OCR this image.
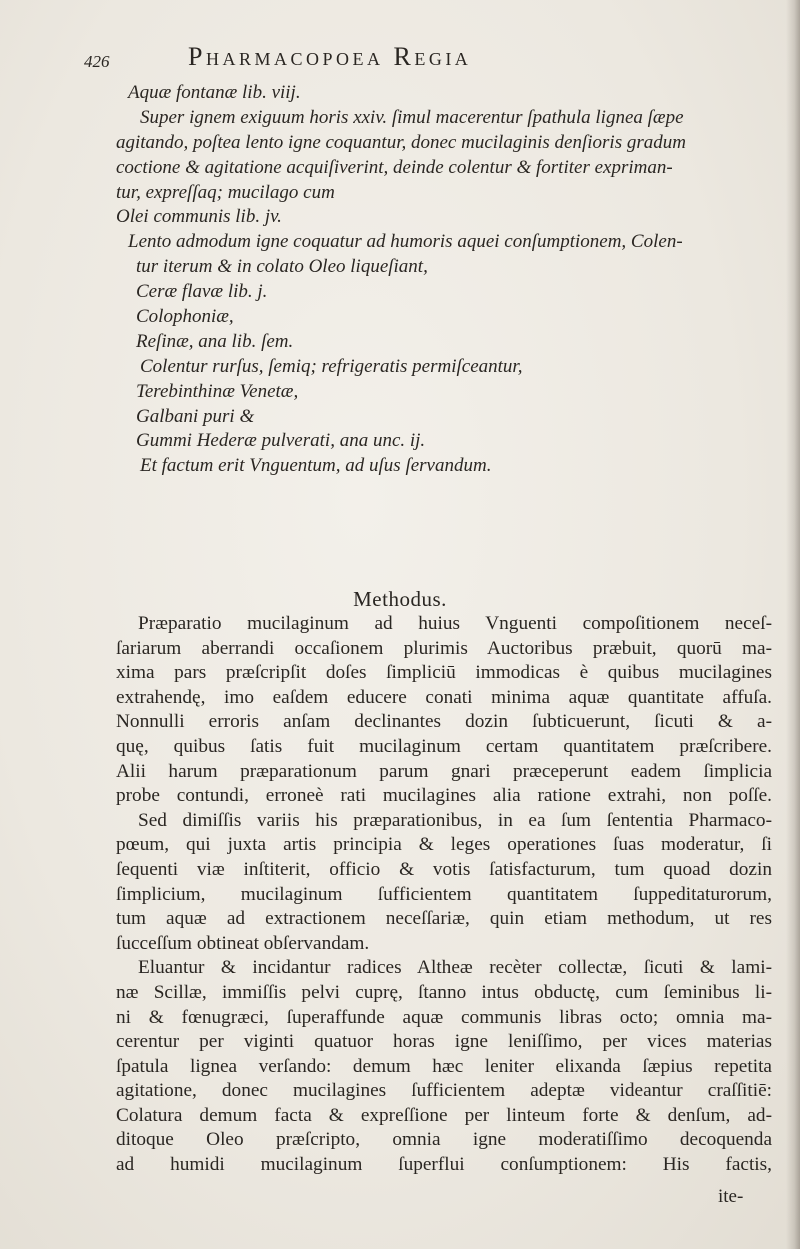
426	Pharmacopoea Regia
Aquæ fontanæ lib. viij.
Super ignem exiguum horis xxiv. ſimul macerentur ſpathula lignea ſæpe
agitando, poſtea lento igne coquantur, donec mucilaginis denſioris gradum
coctione & agitatione acquiſiverint, deinde colentur & fortiter expriman-
tur, expreſſaq; mucilago cum
Olei communis lib. jv.
Lento admodum igne coquatur ad humoris aquei conſumptionem, Colen-
tur iterum & in colato Oleo liqueſiant,
Ceræ flavæ lib. j.
Colophoniæ,
Reſinæ, ana lib. ſem.
Colentur rurſus, ſemiq; refrigeratis permiſceantur,
Terebinthinæ Venetæ,
Galbani puri &
Gummi Hederæ pulverati, ana unc. ij.
Et factum erit Vnguentum, ad uſus ſervandum.
Methodus.
Præparatio mucilaginum ad huius Vnguenti compoſitionem neceſ-
ſariarum aberrandi occaſionem plurimis Auctoribus præbuit, quorū ma-
xima pars præſcripſit doſes ſimpliciū immodicas è quibus mucilagines
extrahendę, imo eaſdem educere conati minima aquæ quantitate affuſa.
Nonnulli erroris anſam declinantes dozin ſubticuerunt, ſicuti & a-
quę, quibus ſatis fuit mucilaginum certam quantitatem præſcribere.
Alii harum præparationum parum gnari præceperunt eadem ſimplicia
probe contundi, erroneè rati mucilagines alia ratione extrahi, non poſſe.
Sed dimiſſis variis his præparationibus, in ea ſum ſententia Pharmaco-
pœum, qui juxta artis principia & leges operationes ſuas moderatur, ſi
ſequenti viæ inſtiterit, officio & votis ſatisfacturum, tum quoad dozin
ſimplicium, mucilaginum ſufficientem quantitatem ſuppeditaturorum,
tum aquæ ad extractionem neceſſariæ, quin etiam methodum, ut res
ſucceſſum obtineat obſervandam.
Eluantur & incidantur radices Altheæ recèter collectæ, ſicuti & lami-
næ Scillæ, immiſſis pelvi cuprę, ſtanno intus obductę, cum ſeminibus li-
ni & fœnugræci, ſuperaffunde aquæ communis libras octo; omnia ma-
cerentur per viginti quatuor horas igne leniſſimo, per vices materias
ſpatula lignea verſando: demum hæc leniter elixanda ſæpius repetita
agitatione, donec mucilagines ſufficientem adeptæ videantur craſſitiē:
Colatura demum facta & expreſſione per linteum forte & denſum, ad-
ditoque Oleo præſcripto, omnia igne moderatiſſimo decoquenda
ad humidi mucilaginum ſuperflui conſumptionem: His factis,
ite-
